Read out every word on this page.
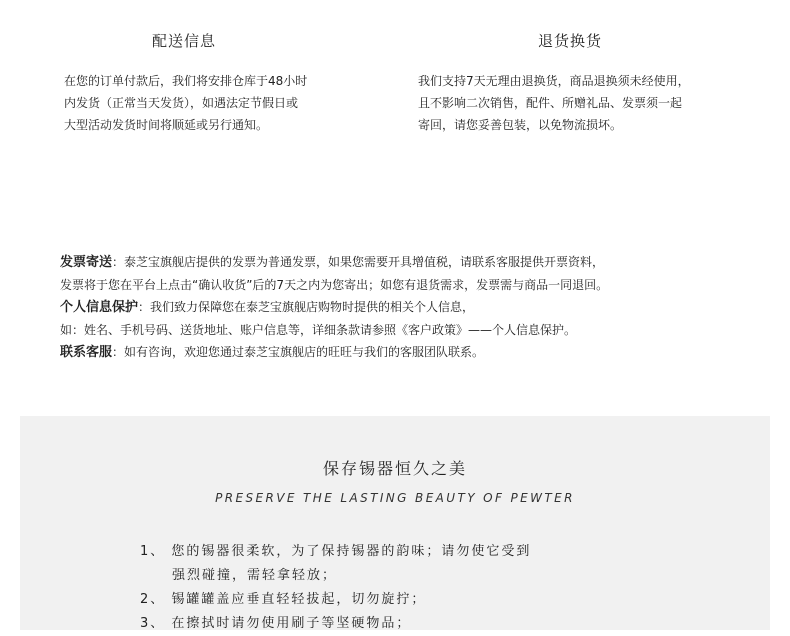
配送信息
在您的订单付款后，我们将安排仓库于48小时
内发货（正常当天发货），如遇法定节假日或
大型活动发货时间将顺延或另行通知。
退货换货
我们支持7天无理由退换货，商品退换须未经使用，
且不影响二次销售，配件、所赠礼品、发票须一起
寄回，请您妥善包装，以免物流损坏。
发票寄送：泰芝宝旗舰店提供的发票为普通发票，如果您需要开具增值税，请联系客服提供开票资料，
发票将于您在平台上点击“确认收货”后的7天之内为您寄出；如您有退货需求，发票需与商品一同退回。
个人信息保护：我们致力保障您在泰芝宝旗舰店购物时提供的相关个人信息，
如：姓名、手机号码、送货地址、账户信息等，详细条款请参照《客户政策》——个人信息保护。
联系客服：如有咨询，欢迎您通过泰芝宝旗舰店的旺旺与我们的客服团队联系。
保存锡器恒久之美
PRESERVE THE LASTING BEAUTY OF PEWTER
1、 您的锡器很柔软，为了保持锡器的韵味；请勿使它受到
强烈碰撞，需轻拿轻放；
2、 锡罐罐盖应垂直轻轻拔起，切勿旋拧；
3、 在擦拭时请勿使用刷子等坚硬物品；
